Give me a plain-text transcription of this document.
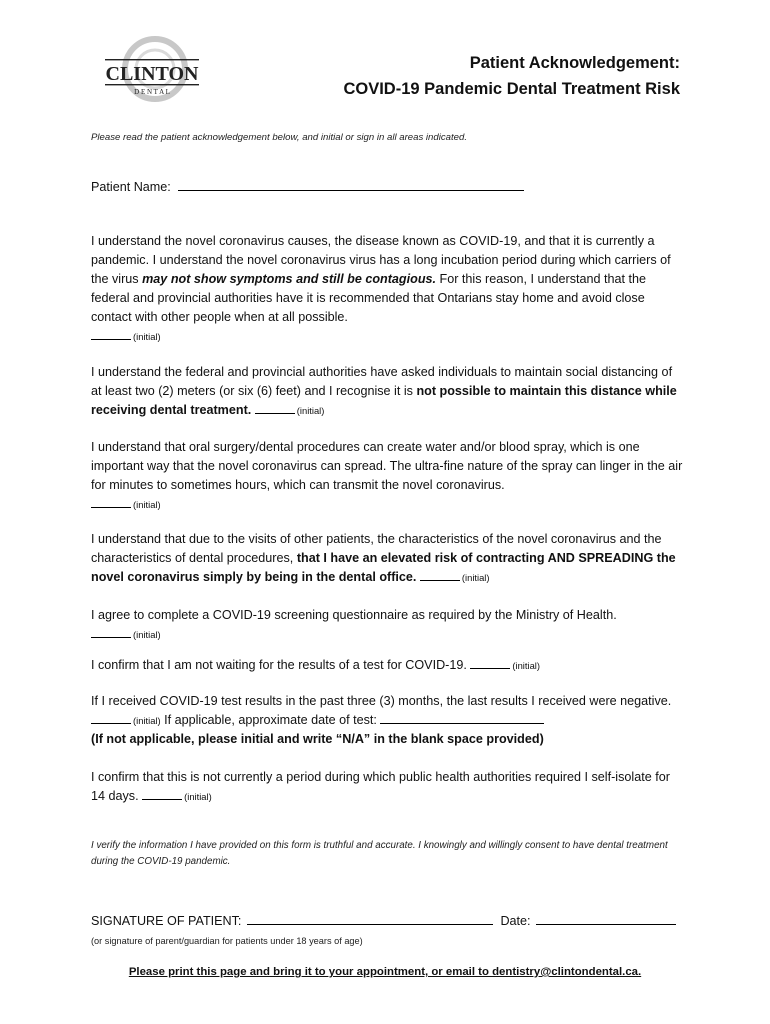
CLINTON
D E N T A L
Patient Acknowledgement:
COVID-19 Pandemic Dental Treatment Risk
Please read the patient acknowledgement below, and initial or sign in all areas indicated.
Patient Name:
I understand the novel coronavirus causes, the disease known as COVID-19, and that it is currently a pandemic. I understand the novel coronavirus virus has a long incubation period during which carriers of the virus may not show symptoms and still be contagious. For this reason, I understand that the federal and provincial authorities have it is recommended that Ontarians stay home and avoid close contact with other people when at all possible.
(initial)
I understand the federal and provincial authorities have asked individuals to maintain social distancing of at least two (2) meters (or six (6) feet) and I recognise it is not possible to maintain this distance while receiving dental treatment.	(initial)
I understand that oral surgery/dental procedures can create water and/or blood spray, which is one important way that the novel coronavirus can spread. The ultra-fine nature of the spray can linger in the air for minutes to sometimes hours, which can transmit the novel coronavirus.
(initial)
I understand that due to the visits of other patients, the characteristics of the novel coronavirus and the characteristics of dental procedures, that I have an elevated risk of contracting AND SPREADING the novel coronavirus simply by being in the dental office.	(initial)
I agree to complete a COVID-19 screening questionnaire as required by the Ministry of Health.
(initial)
I confirm that I am not waiting for the results of a test for COVID-19.	(initial)
If I received COVID-19 test results in the past three (3) months, the last results I received were negative. (initial) If applicable, approximate date of test:
(If not applicable, please initial and write “N/A” in the blank space provided)
I confirm that this is not currently a period during which public health authorities required I self-isolate for 14 days.	(initial)
I verify the information I have provided on this form is truthful and accurate. I knowingly and willingly consent to have dental treatment during the COVID-19 pandemic.
SIGNATURE OF PATIENT:	Date:
(or signature of parent/guardian for patients under 18 years of age)
Please print this page and bring it to your appointment, or email to dentistry@clintondental.ca.
